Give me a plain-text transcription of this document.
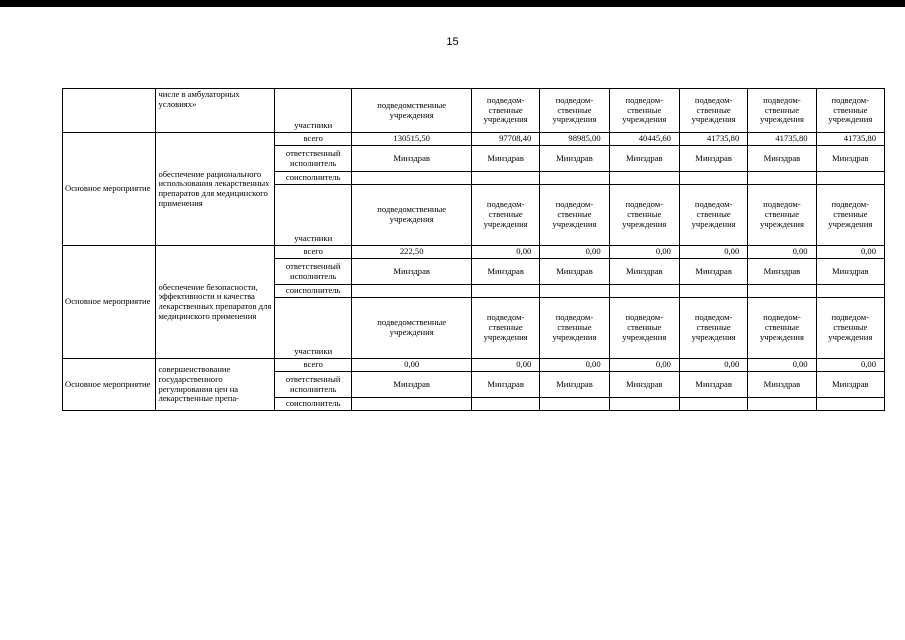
15
	числе в амбулаторных условиях»	участники	подведомственные учреждения	подведом-ственные учреждения	подведом-ственные учреждения	подведом-ственные учреждения	подведом-ственные учреждения	подведом-ственные учреждения	подведом-ственные учреждения
Основное мероприятие	обеспечение рационального использования лекарственных препаратов для медицинского применения	всего	130515,50	97708,40	98985,00	40445,60	41735,80	41735,80	41735,80
		ответственный исполнитель	Минздрав	Минздрав	Минздрав	Минздрав	Минздрав	Минздрав	Минздрав
		соисполнитель							
		участники	подведомственные учреждения	подведом-ственные учреждения	подведом-ственные учреждения	подведом-ственные учреждения	подведом-ственные учреждения	подведом-ственные учреждения	подведом-ственные учреждения
Основное мероприятие	обеспечение безопасности, эффективности и качества лекарственных препаратов для медицинского применения	всего	222,50	0,00	0,00	0,00	0,00	0,00	0,00
		ответственный исполнитель	Минздрав	Минздрав	Минздрав	Минздрав	Минздрав	Минздрав	Минздрав
		соисполнитель							
		участники	подведомственные учреждения	подведом-ственные учреждения	подведом-ственные учреждения	подведом-ственные учреждения	подведом-ственные учреждения	подведом-ственные учреждения	подведом-ственные учреждения
Основное мероприятие	совершенствование государственного регулирования цен на лекарственные препа-	всего	0,00	0,00	0,00	0,00	0,00	0,00	0,00
		ответственный исполнитель	Минздрав	Минздрав	Минздрав	Минздрав	Минздрав	Минздрав	Минздрав
		соисполнитель							
